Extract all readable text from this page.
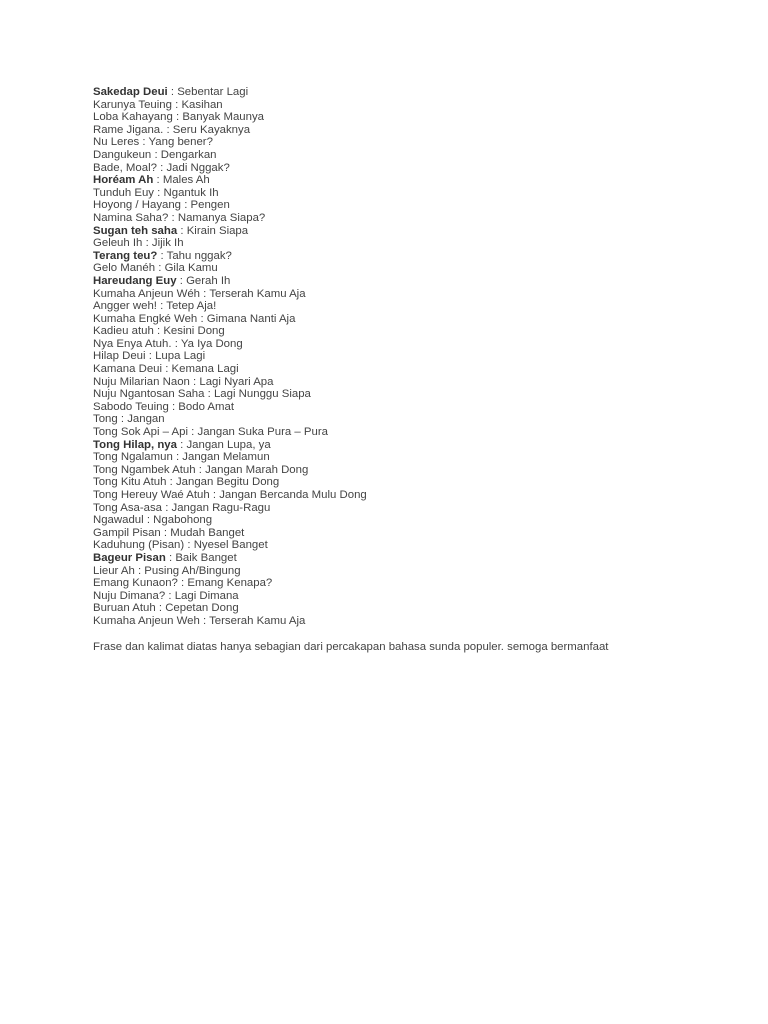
Sakedap Deui : Sebentar Lagi
Karunya Teuing : Kasihan
Loba Kahayang : Banyak Maunya
Rame Jigana. : Seru Kayaknya
Nu Leres : Yang bener?
Dangukeun : Dengarkan
Bade, Moal? : Jadi Nggak?
Horéam Ah : Males Ah
Tunduh Euy : Ngantuk Ih
Hoyong / Hayang : Pengen
Namina Saha? : Namanya Siapa?
Sugan teh saha : Kirain Siapa
Geleuh Ih : Jijik Ih
Terang teu? : Tahu nggak?
Gelo Manéh : Gila Kamu
Hareudang Euy : Gerah Ih
Kumaha Anjeun Wéh : Terserah Kamu Aja
Angger weh! : Tetep Aja!
Kumaha Engké Weh : Gimana Nanti Aja
Kadieu atuh : Kesini Dong
Nya Enya Atuh. : Ya Iya Dong
Hilap Deui : Lupa Lagi
Kamana Deui : Kemana Lagi
Nuju Milarian Naon : Lagi Nyari Apa
Nuju Ngantosan Saha : Lagi Nunggu Siapa
Sabodo Teuing : Bodo Amat
Tong : Jangan
Tong Sok Api – Api : Jangan Suka Pura – Pura
Tong Hilap, nya : Jangan Lupa, ya
Tong Ngalamun : Jangan Melamun
Tong Ngambek Atuh : Jangan Marah Dong
Tong Kitu Atuh : Jangan Begitu Dong
Tong Hereuy Waé Atuh : Jangan Bercanda Mulu Dong
Tong Asa-asa : Jangan Ragu-Ragu
Ngawadul : Ngabohong
Gampil Pisan : Mudah Banget
Kaduhung (Pisan) : Nyesel Banget
Bageur Pisan : Baik Banget
Lieur Ah : Pusing Ah/Bingung
Emang Kunaon? : Emang Kenapa?
Nuju Dimana? : Lagi Dimana
Buruan Atuh : Cepetan Dong
Kumaha Anjeun Weh : Terserah Kamu Aja

Frase dan kalimat diatas hanya sebagian dari percakapan bahasa sunda populer. semoga bermanfaat
